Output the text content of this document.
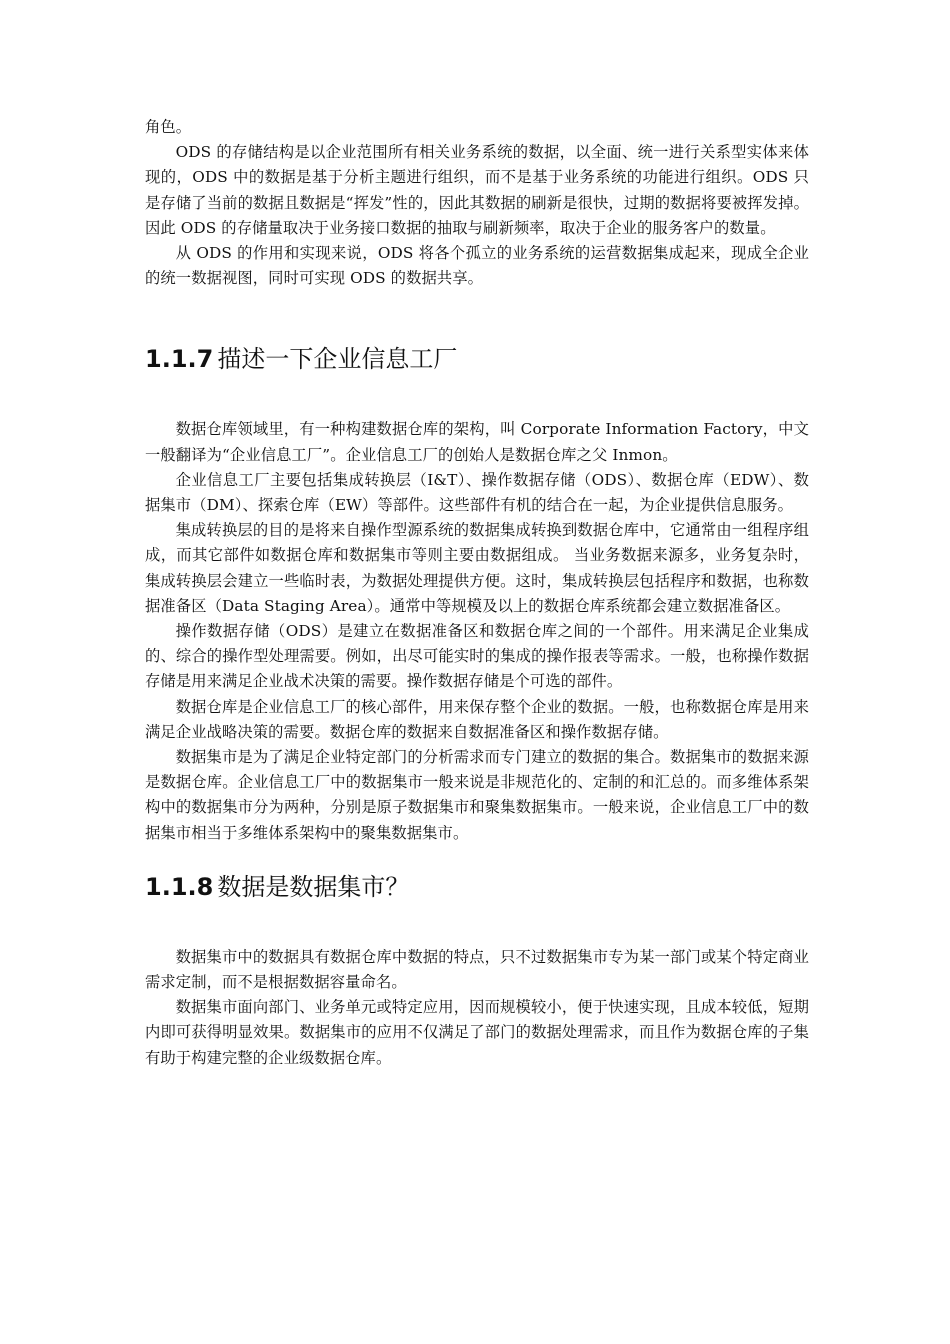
角色。

ODS 的存储结构是以企业范围所有相关业务系统的数据，以全面、统一进行关系型实体来体现的，ODS 中的数据是基于分析主题进行组织，而不是基于业务系统的功能进行组织。ODS 只是存储了当前的数据且数据是“挥发”性的，因此其数据的刷新是很快，过期的数据将要被挥发掉。因此 ODS 的存储量取决于业务接口数据的抽取与刷新频率，取决于企业的服务客户的数量。

从 ODS 的作用和实现来说，ODS 将各个孤立的业务系统的运营数据集成起来，现成全企业的统一数据视图，同时可实现 ODS 的数据共享。

1.1.7 描述一下企业信息工厂

数据仓库领域里，有一种构建数据仓库的架构，叫 Corporate Information Factory，中文一般翻译为“企业信息工厂”。企业信息工厂的创始人是数据仓库之父 Inmon。

企业信息工厂主要包括集成转换层（I&T）、操作数据存储（ODS）、数据仓库（EDW）、数据集市（DM）、探索仓库（EW）等部件。这些部件有机的结合在一起，为企业提供信息服务。

集成转换层的目的是将来自操作型源系统的数据集成转换到数据仓库中，它通常由一组程序组成，而其它部件如数据仓库和数据集市等则主要由数据组成。 当业务数据来源多，业务复杂时，集成转换层会建立一些临时表，为数据处理提供方便。这时，集成转换层包括程序和数据，也称数据准备区（Data Staging Area）。通常中等规模及以上的数据仓库系统都会建立数据准备区。

操作数据存储（ODS）是建立在数据准备区和数据仓库之间的一个部件。用来满足企业集成的、综合的操作型处理需要。例如，出尽可能实时的集成的操作报表等需求。一般，也称操作数据存储是用来满足企业战术决策的需要。操作数据存储是个可选的部件。

数据仓库是企业信息工厂的核心部件，用来保存整个企业的数据。一般，也称数据仓库是用来满足企业战略决策的需要。数据仓库的数据来自数据准备区和操作数据存储。

数据集市是为了满足企业特定部门的分析需求而专门建立的数据的集合。数据集市的数据来源是数据仓库。企业信息工厂中的数据集市一般来说是非规范化的、定制的和汇总的。而多维体系架构中的数据集市分为两种，分别是原子数据集市和聚集数据集市。一般来说，企业信息工厂中的数据集市相当于多维体系架构中的聚集数据集市。

1.1.8 数据是数据集市？

数据集市中的数据具有数据仓库中数据的特点，只不过数据集市专为某一部门或某个特定商业需求定制，而不是根据数据容量命名。

数据集市面向部门、业务单元或特定应用，因而规模较小，便于快速实现，且成本较低，短期内即可获得明显效果。数据集市的应用不仅满足了部门的数据处理需求，而且作为数据仓库的子集有助于构建完整的企业级数据仓库。
